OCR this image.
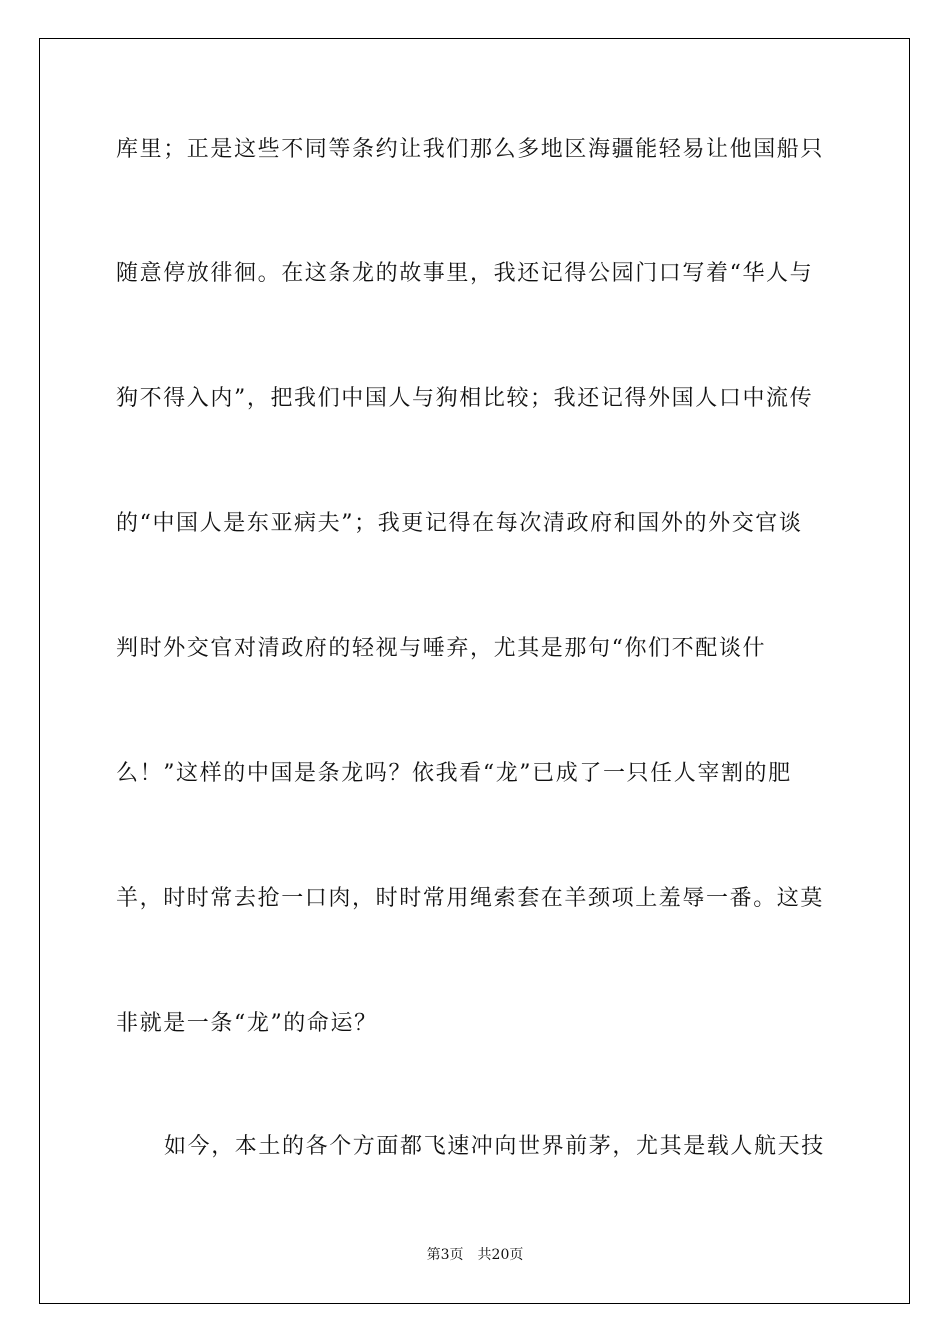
库里；正是这些不同等条约让我们那么多地区海疆能轻易让他国船只
随意停放徘徊。在这条龙的故事里，我还记得公园门口写着“华人与
狗不得入内”，把我们中国人与狗相比较；我还记得外国人口中流传
的“中国人是东亚病夫”；我更记得在每次清政府和国外的外交官谈
判时外交官对清政府的轻视与唾弃，尤其是那句“你们不配谈什
么！”这样的中国是条龙吗？依我看“龙”已成了一只任人宰割的肥
羊，时时常去抢一口肉，时时常用绳索套在羊颈项上羞辱一番。这莫
非就是一条“龙”的命运？
如今，本土的各个方面都飞速冲向世界前茅，尤其是载人航天技
第3页 共20页
